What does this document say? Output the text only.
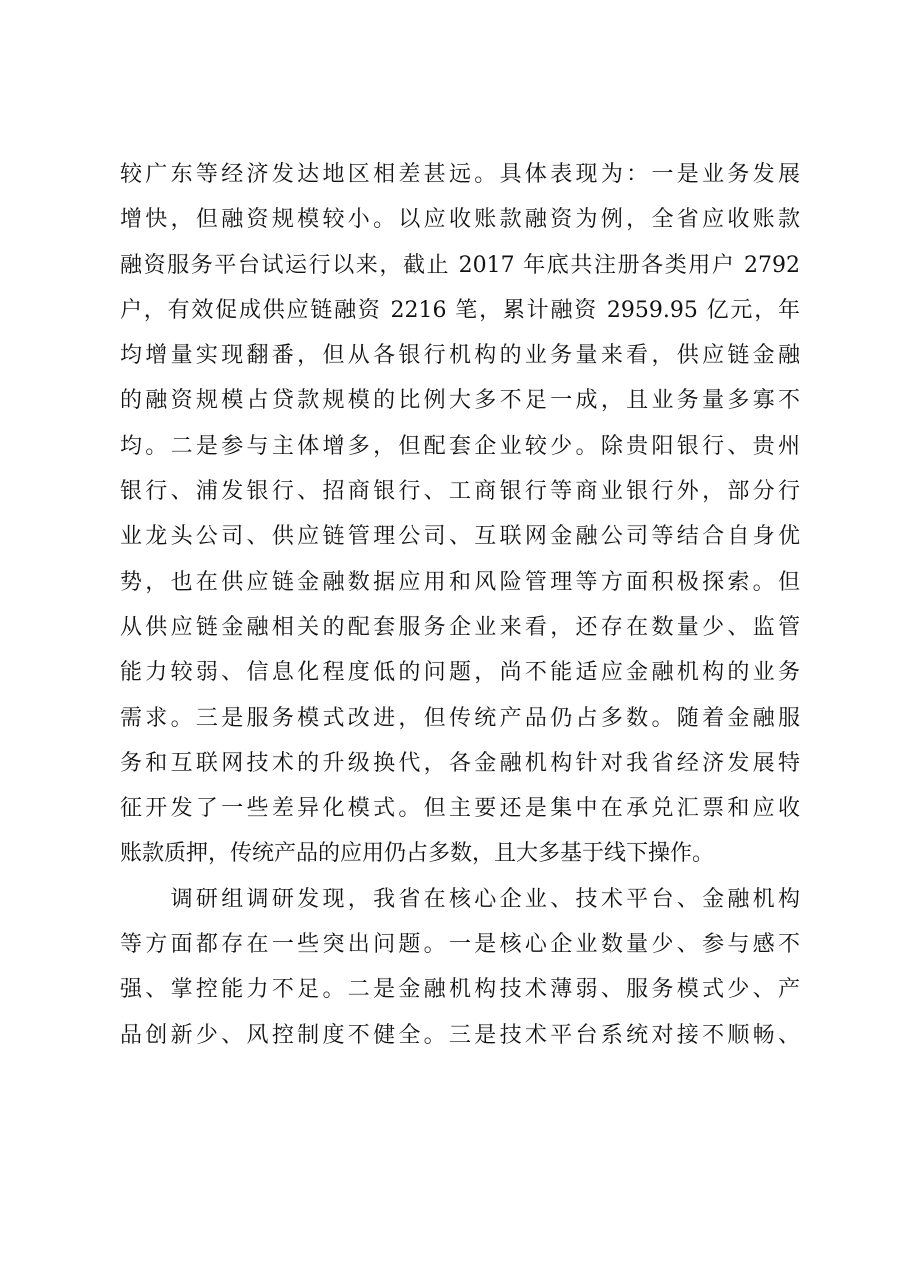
较广东等经济发达地区相差甚远。具体表现为：一是业务发展
增快，但融资规模较小。以应收账款融资为例，全省应收账款
融资服务平台试运行以来，截止 2017 年底共注册各类用户 2792
户，有效促成供应链融资 2216 笔，累计融资 2959.95 亿元，年
均增量实现翻番，但从各银行机构的业务量来看，供应链金融
的融资规模占贷款规模的比例大多不足一成，且业务量多寡不
均。二是参与主体增多，但配套企业较少。除贵阳银行、贵州
银行、浦发银行、招商银行、工商银行等商业银行外，部分行
业龙头公司、供应链管理公司、互联网金融公司等结合自身优
势，也在供应链金融数据应用和风险管理等方面积极探索。但
从供应链金融相关的配套服务企业来看，还存在数量少、监管
能力较弱、信息化程度低的问题，尚不能适应金融机构的业务
需求。三是服务模式改进，但传统产品仍占多数。随着金融服
务和互联网技术的升级换代，各金融机构针对我省经济发展特
征开发了一些差异化模式。但主要还是集中在承兑汇票和应收
账款质押，传统产品的应用仍占多数，且大多基于线下操作。
　　调研组调研发现，我省在核心企业、技术平台、金融机构
等方面都存在一些突出问题。一是核心企业数量少、参与感不
强、掌控能力不足。二是金融机构技术薄弱、服务模式少、产
品创新少、风控制度不健全。三是技术平台系统对接不顺畅、
